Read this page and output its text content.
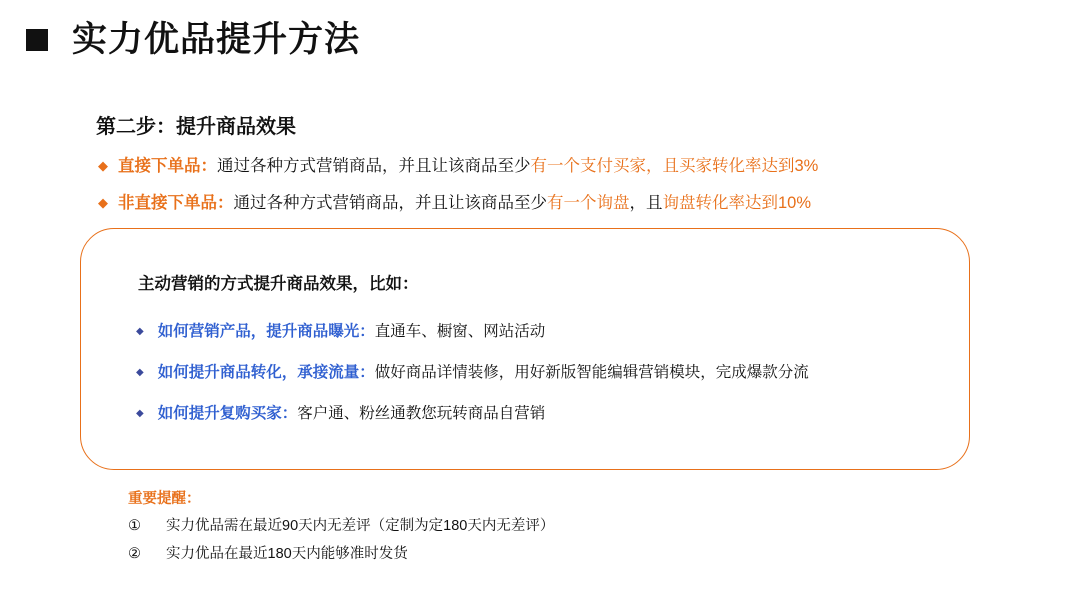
实力优品提升方法
第二步：提升商品效果
◆ 直接下单品：通过各种方式营销商品，并且让该商品至少有一个支付买家，且买家转化率达到3%
◆ 非直接下单品：通过各种方式营销商品，并且让该商品至少有一个询盘，且询盘转化率达到10%
主动营销的方式提升商品效果，比如：
◆ 如何营销产品，提升商品曝光：直通车、橱窗、网站活动
◆ 如何提升商品转化，承接流量：做好商品详情装修，用好新版智能编辑营销模块，完成爆款分流
◆ 如何提升复购买家：客户通、粉丝通教您玩转商品自营销
重要提醒：
①	实力优品需在最近90天内无差评（定制为定180天内无差评）
②	实力优品在最近180天内能够准时发货
